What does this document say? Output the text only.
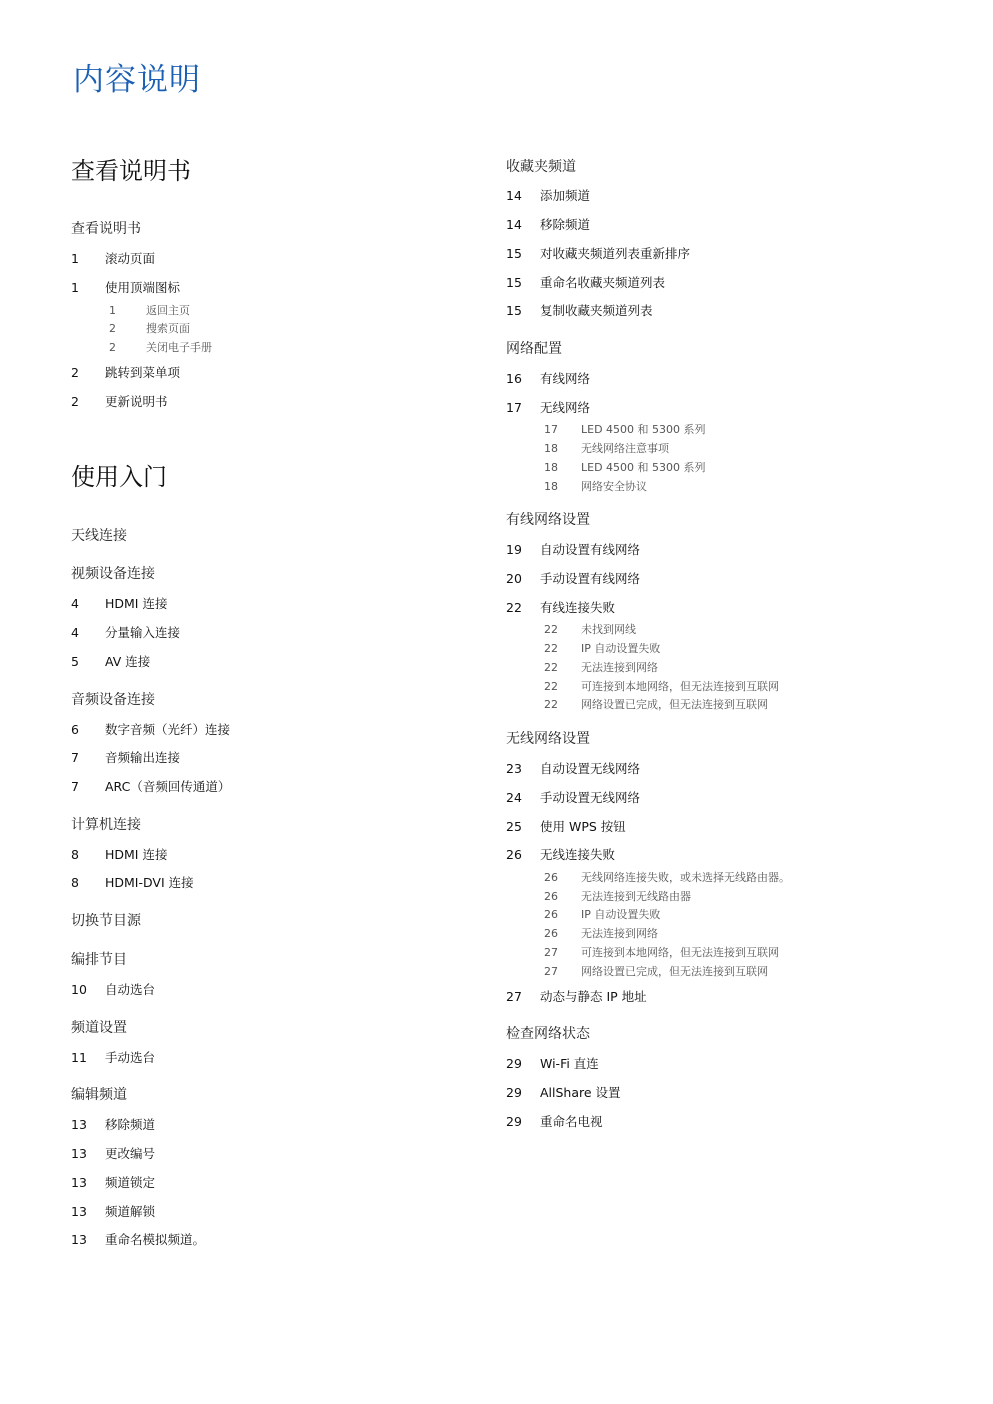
内容说明
查看说明书
查看说明书
1 滚动页面
1 使用顶端图标
1	返回主页
2	搜索页面
2	关闭电子手册
2 跳转到菜单项
2 更新说明书
使用入门
天线连接
视频设备连接
4 HDMI 连接
4 分量输入连接
5 AV 连接
音频设备连接
6 数字音频（光纤）连接
7 音频输出连接
7 ARC（音频回传通道）
计算机连接
8 HDMI 连接
8 HDMI-DVI 连接
切换节目源
编排节目
10 自动选台
频道设置
11 手动选台
编辑频道
13 移除频道
13 更改编号
13 频道锁定
13 频道解锁
13 重命名模拟频道。
收藏夹频道
14 添加频道
14 移除频道
15 对收藏夹频道列表重新排序
15 重命名收藏夹频道列表
15 复制收藏夹频道列表
网络配置
16 有线网络
17 无线网络
17 LED 4500 和 5300 系列
18 无线网络注意事项
18 LED 4500 和 5300 系列
18 网络安全协议
有线网络设置
19 自动设置有线网络
20 手动设置有线网络
22 有线连接失败
22 未找到网线
22 IP 自动设置失败
22 无法连接到网络
22 可连接到本地网络，但无法连接到互联网
22 网络设置已完成，但无法连接到互联网
无线网络设置
23 自动设置无线网络
24 手动设置无线网络
25 使用 WPS 按钮
26 无线连接失败
26 无线网络连接失败，或未选择无线路由器。
26 无法连接到无线路由器
26 IP 自动设置失败
26 无法连接到网络
27 可连接到本地网络，但无法连接到互联网
27 网络设置已完成，但无法连接到互联网
27 动态与静态 IP 地址
检查网络状态
29 Wi-Fi 直连
29 AllShare 设置
29 重命名电视
